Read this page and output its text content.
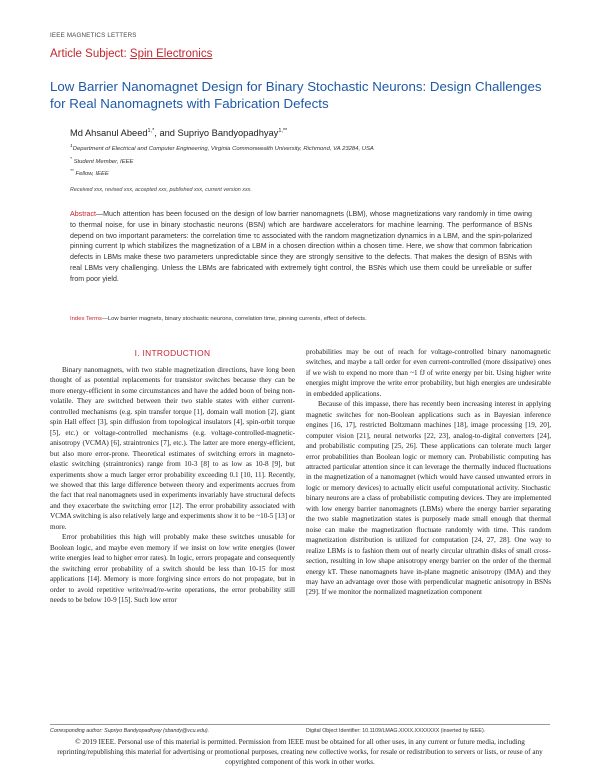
IEEE MAGNETICS LETTERS
Article Subject: Spin Electronics
Low Barrier Nanomagnet Design for Binary Stochastic Neurons: Design Challenges for Real Nanomagnets with Fabrication Defects
Md Ahsanul Abeed$^{1,*}$, and Supriyo Bandyopadhyay$^{1,**}$
$^1$Department of Electrical and Computer Engineering, Virginia Commonwealth University, Richmond, VA 23284, USA
* Student Member, IEEE
** Fellow, IEEE
Received xxx, revised xxx, accepted xxx, published xxx, current version xxx.
Abstract—Much attention has been focused on the design of low barrier nanomagnets (LBM), whose magnetizations vary randomly in time owing to thermal noise, for use in binary stochastic neurons (BSN) which are hardware accelerators for machine learning. The performance of BSNs depend on two important parameters: the correlation time τc associated with the random magnetization dynamics in a LBM, and the spin-polarized pinning current Ip which stabilizes the magnetization of a LBM in a chosen direction within a chosen time. Here, we show that common fabrication defects in LBMs make these two parameters unpredictable since they are strongly sensitive to the defects. That makes the design of BSNs with real LBMs very challenging. Unless the LBMs are fabricated with extremely tight control, the BSNs which use them could be unreliable or suffer from poor yield.
Index Terms—Low barrier magnets, binary stochastic neurons, correlation time, pinning currents, effect of defects.
I. INTRODUCTION

Binary nanomagnets, with two stable magnetization directions, have long been thought of as potential replacements for transistor switches because they can be more energy-efficient in some circumstances and have the added boon of being non-volatile. They are switched between their two stable states with either current-controlled mechanisms (e.g. spin transfer torque [1], domain wall motion [2], giant spin Hall effect [3], spin diffusion from topological insulators [4], spin-orbit torque [5], etc.) or voltage-controlled mechanisms (e.g. voltage-controlled-magnetic-anisotropy (VCMA) [6], straintronics [7], etc.). The latter are more energy-efficient, but also more error-prone. Theoretical estimates of switching errors in magneto-elastic switching (straintronics) range from 10-3 [8] to as low as 10-8 [9], but experiments show a much larger error probability exceeding 0.1 [10, 11]. Recently, we showed that this large difference between theory and experiments accrues from the fact that real nanomagnets used in experiments invariably have structural defects and they exacerbate the switching error [12]. The error probability associated with VCMA switching is also relatively large and experiments show it to be ~10-5 [13] or more.

Error probabilities this high will probably make these switches unusable for Boolean logic, and maybe even memory if we insist on low write energies (lower write energies lead to higher error rates). In logic, errors propagate and consequently the switching error probability of a switch should be less than 10-15 for most applications [14]. Memory is more forgiving since errors do not propagate, but in order to avoid repetitive write/read/re-write operations, the error probability still needs to be below 10-9 [15]. Such low error

probabilities may be out of reach for voltage-controlled binary nanomagnetic switches, and maybe a tall order for even current-controlled (more dissipative) ones if we wish to expend no more than ~1 fJ of write energy per bit. Using higher write energies might improve the write error probability, but high energies are undesirable in embedded applications.

Because of this impasse, there has recently been increasing interest in applying magnetic switches for non-Boolean applications such as in Bayesian inference engines [16, 17], restricted Boltzmann machines [18], image processing [19, 20], computer vision [21], neural networks [22, 23], analog-to-digital converters [24], and probabilistic computing [25, 26]. These applications can tolerate much larger error probabilities than Boolean logic or memory can. Probabilistic computing has attracted particular attention since it can leverage the thermally induced fluctuations in the magnetization of a nanomagnet (which would have caused unwanted errors in logic or memory devices) to actually elicit useful computational activity. Stochastic binary neurons are a class of probabilistic computing devices. They are implemented with low energy barrier nanomagnets (LBMs) where the energy barrier separating the two stable magnetization states is purposely made small enough that thermal noise can make the magnetization fluctuate randomly with time. This random magnetization distribution is utilized for computation [24, 27, 28]. One way to realize LBMs is to fashion them out of nearly circular ultrathin disks of small cross-section, resulting in low shape anisotropy energy barrier on the order of the thermal energy kT. These nanomagnets have in-plane magnetic anisotropy (IMA) and they may have an advantage over those with perpendicular magnetic anisotropy in BSNs [29]. If we monitor the normalized magnetization component

Corresponding author: Supriyo Bandyopadhyay (sbandy@vcu.edu).	Digital Object Identifier: 10.1109/LMAG.XXXX.XXXXXXX (inserted by IEEE).
© 2019 IEEE. Personal use of this material is permitted. Permission from IEEE must be obtained for all other uses, in any current or future media, including reprinting/republishing this material for advertising or promotional purposes, creating new collective works, for resale or redistribution to servers or lists, or reuse of any copyrighted component of this work in other works.
